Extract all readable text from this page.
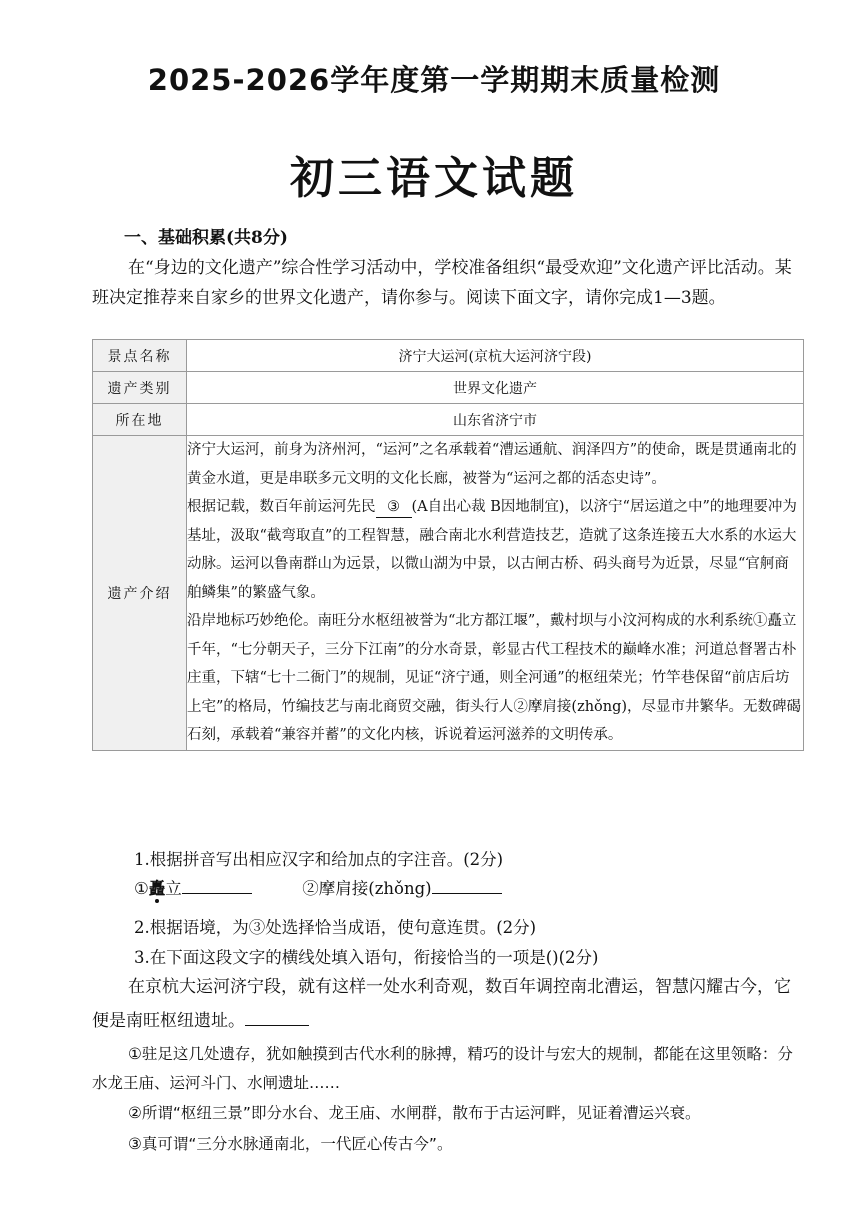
2025-2026学年度第一学期期末质量检测
初三语文试题
一、基础积累(共8分)

在“身边的文化遗产”综合性学习活动中，学校准备组织“最受欢迎”文化遗产评比活动。某班决定推荐来自家乡的世界文化遗产，请你参与。阅读下面文字，请你完成1—3题。

景点名称	济宁大运河(京杭大运河济宁段)
遗产类别	世界文化遗产
所在地	山东省济宁市
遗产介绍	济宁大运河，前身为济州河，“运河”之名承载着“漕运通航、润泽四方”的使命，既是贯通南北的黄金水道，更是串联多元文明的文化长廊，被誉为“运河之都的活态史诗”。

根据记载，数百年前运河先民 ③ (A自出心裁 B因地制宜)，以济宁“居运道之中”的地理要冲为基址，汲取“截弯取直”的工程智慧，融合南北水利营造技艺，造就了这条连接五大水系的水运大动脉。运河以鲁南群山为远景，以微山湖为中景，以古闸古桥、码头商号为近景，尽显“官舸商舶鳞集”的繁盛气象。

沿岸地标巧妙绝伦。南旺分水枢纽被誉为“北方都江堰”，戴村坝与小汶河构成的水利系统①矗立千年，“七分朝天子，三分下江南”的分水奇景，彰显古代工程技术的巅峰水准；河道总督署古朴庄重，下辖“七十二衙门”的规制，见证“济宁通，则全河通”的枢纽荣光；竹竿巷保留“前店后坊上宅”的格局，竹编技艺与南北商贸交融，街头行人②摩肩接(zhǒng)，尽显市井繁华。无数碑碣石刻，承载着“兼容并蓄”的文化内核，诉说着运河滋养的文明传承。

1.根据拼音写出相应汉字和给加点的字注音。(2分)

①矗立	②摩肩接(zhǒng)

2.根据语境，为③处选择恰当成语，使句意连贯。(2分)

3.在下面这段文字的横线处填入语句，衔接恰当的一项是()(2分)

在京杭大运河济宁段，就有这样一处水利奇观，数百年调控南北漕运，智慧闪耀古今，它便是南旺枢纽遗址。

①驻足这几处遗存，犹如触摸到古代水利的脉搏，精巧的设计与宏大的规制，都能在这里领略：分水龙王庙、运河斗门、水闸遗址……

②所谓“枢纽三景”即分水台、龙王庙、水闸群，散布于古运河畔，见证着漕运兴衰。

③真可谓“三分水脉通南北，一代匠心传古今”。
